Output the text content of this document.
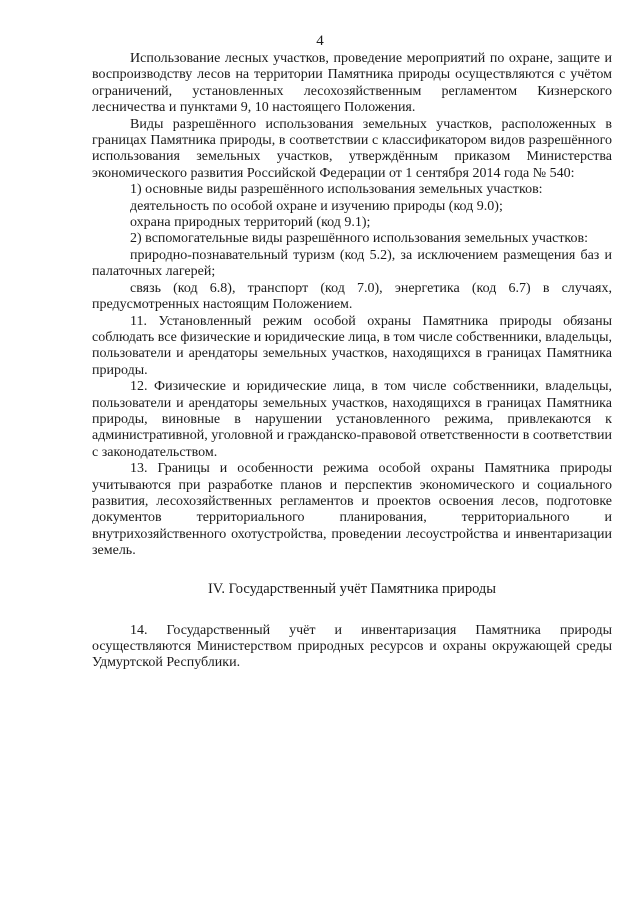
4

Использование лесных участков, проведение мероприятий по охране, защите и воспроизводству лесов на территории Памятника природы осуществляются с учётом ограничений, установленных лесохозяйственным регламентом Кизнерского лесничества и пунктами 9, 10 настоящего Положения.

Виды разрешённого использования земельных участков, расположенных в границах Памятника природы, в соответствии с классификатором видов разрешённого использования земельных участков, утверждённым приказом Министерства экономического развития Российской Федерации от 1 сентября 2014 года № 540:

1) основные виды разрешённого использования земельных участков:

деятельность по особой охране и изучению природы (код 9.0);

охрана природных территорий (код 9.1);

2) вспомогательные виды разрешённого использования земельных участков:

природно-познавательный туризм (код 5.2), за исключением размещения баз и палаточных лагерей;

связь (код 6.8), транспорт (код 7.0), энергетика (код 6.7) в случаях, предусмотренных настоящим Положением.

11. Установленный режим особой охраны Памятника природы обязаны соблюдать все физические и юридические лица, в том числе собственники, владельцы, пользователи и арендаторы земельных участков, находящихся в границах Памятника природы.

12. Физические и юридические лица, в том числе собственники, владельцы, пользователи и арендаторы земельных участков, находящихся в границах Памятника природы, виновные в нарушении установленного режима, привлекаются к административной, уголовной и гражданско-правовой ответственности в соответствии с законодательством.

13. Границы и особенности режима особой охраны Памятника природы учитываются при разработке планов и перспектив экономического и социального развития, лесохозяйственных регламентов и проектов освоения лесов, подготовке документов территориального планирования, территориального и внутрихозяйственного охотустройства, проведении лесоустройства и инвентаризации земель.

IV. Государственный учёт Памятника природы

14. Государственный учёт и инвентаризация Памятника природы осуществляются Министерством природных ресурсов и охраны окружающей среды Удмуртской Республики.
